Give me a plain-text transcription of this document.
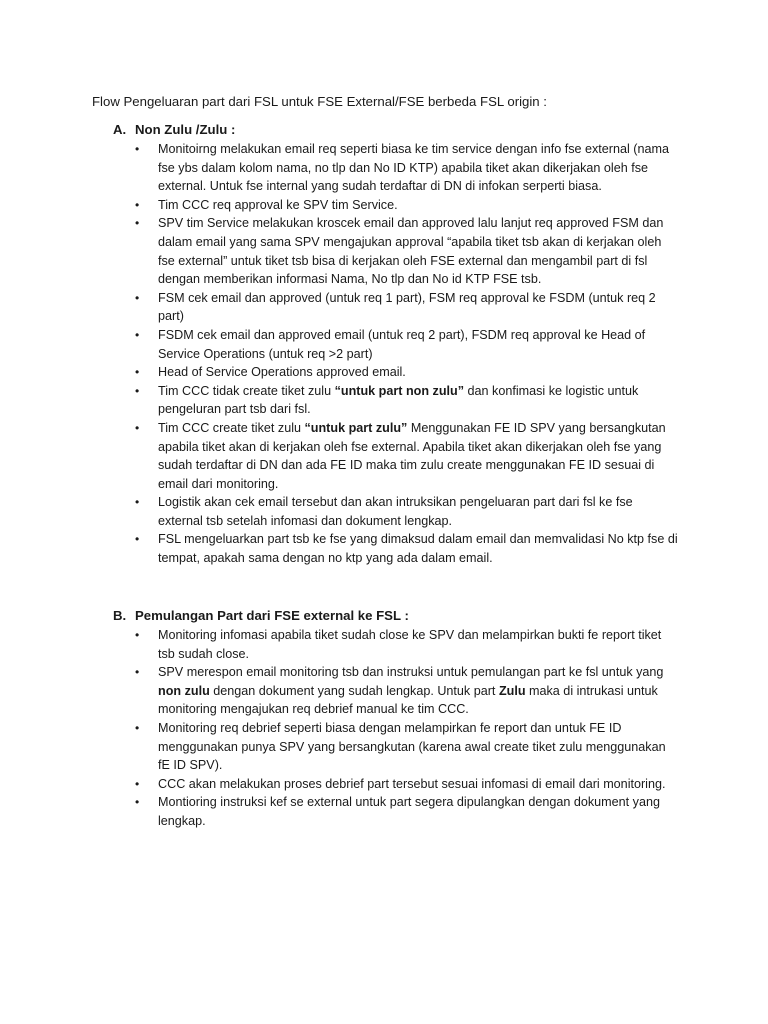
Flow Pengeluaran part dari FSL untuk FSE External/FSE berbeda FSL origin :
A. Non Zulu /Zulu :
• Monitoirng melakukan email req seperti biasa ke tim service dengan info fse external (nama fse ybs dalam kolom nama, no tlp dan No ID KTP) apabila tiket akan dikerjakan oleh fse external. Untuk fse internal yang sudah terdaftar di DN di infokan serperti biasa.
• Tim CCC req approval ke SPV tim Service.
• SPV tim Service melakukan kroscek email dan approved lalu lanjut req approved FSM dan dalam email yang sama SPV mengajukan approval “apabila tiket tsb akan di kerjakan oleh fse external” untuk tiket tsb bisa di kerjakan oleh FSE external dan mengambil part di fsl dengan memberikan informasi Nama, No tlp dan No id KTP FSE tsb.
• FSM cek email dan approved (untuk req 1 part), FSM req approval ke FSDM (untuk req 2 part)
• FSDM cek email dan approved email (untuk req 2 part), FSDM req approval ke Head of Service Operations (untuk req >2 part)
• Head of Service Operations approved email.
• Tim CCC tidak create tiket zulu “untuk part non zulu” dan konfimasi ke logistic untuk pengeluran part tsb dari fsl.
• Tim CCC create tiket zulu “untuk part zulu” Menggunakan FE ID SPV yang bersangkutan apabila tiket akan di kerjakan oleh fse external. Apabila tiket akan dikerjakan oleh fse yang sudah terdaftar di DN dan ada FE ID maka tim zulu create menggunakan FE ID sesuai di email dari monitoring.
• Logistik akan cek email tersebut dan akan intruksikan pengeluaran part dari fsl ke fse external tsb setelah infomasi dan dokument lengkap.
• FSL mengeluarkan part tsb ke fse yang dimaksud dalam email dan memvalidasi No ktp fse di tempat, apakah sama dengan no ktp yang ada dalam email.
B. Pemulangan Part dari FSE external ke FSL :
• Monitoring infomasi apabila tiket sudah close ke SPV dan melampirkan bukti fe report tiket tsb sudah close.
• SPV merespon email monitoring tsb dan instruksi untuk pemulangan part ke fsl untuk yang non zulu dengan dokument yang sudah lengkap. Untuk part Zulu maka di intrukasi untuk monitoring mengajukan req debrief manual ke tim CCC.
• Monitoring req debrief seperti biasa dengan melampirkan fe report dan untuk FE ID menggunakan punya SPV yang bersangkutan (karena awal create tiket zulu menggunakan fE ID SPV).
• CCC akan melakukan proses debrief part tersebut sesuai infomasi di email dari monitoring.
• Montioring instruksi kef se external untuk part segera dipulangkan dengan dokument yang lengkap.
